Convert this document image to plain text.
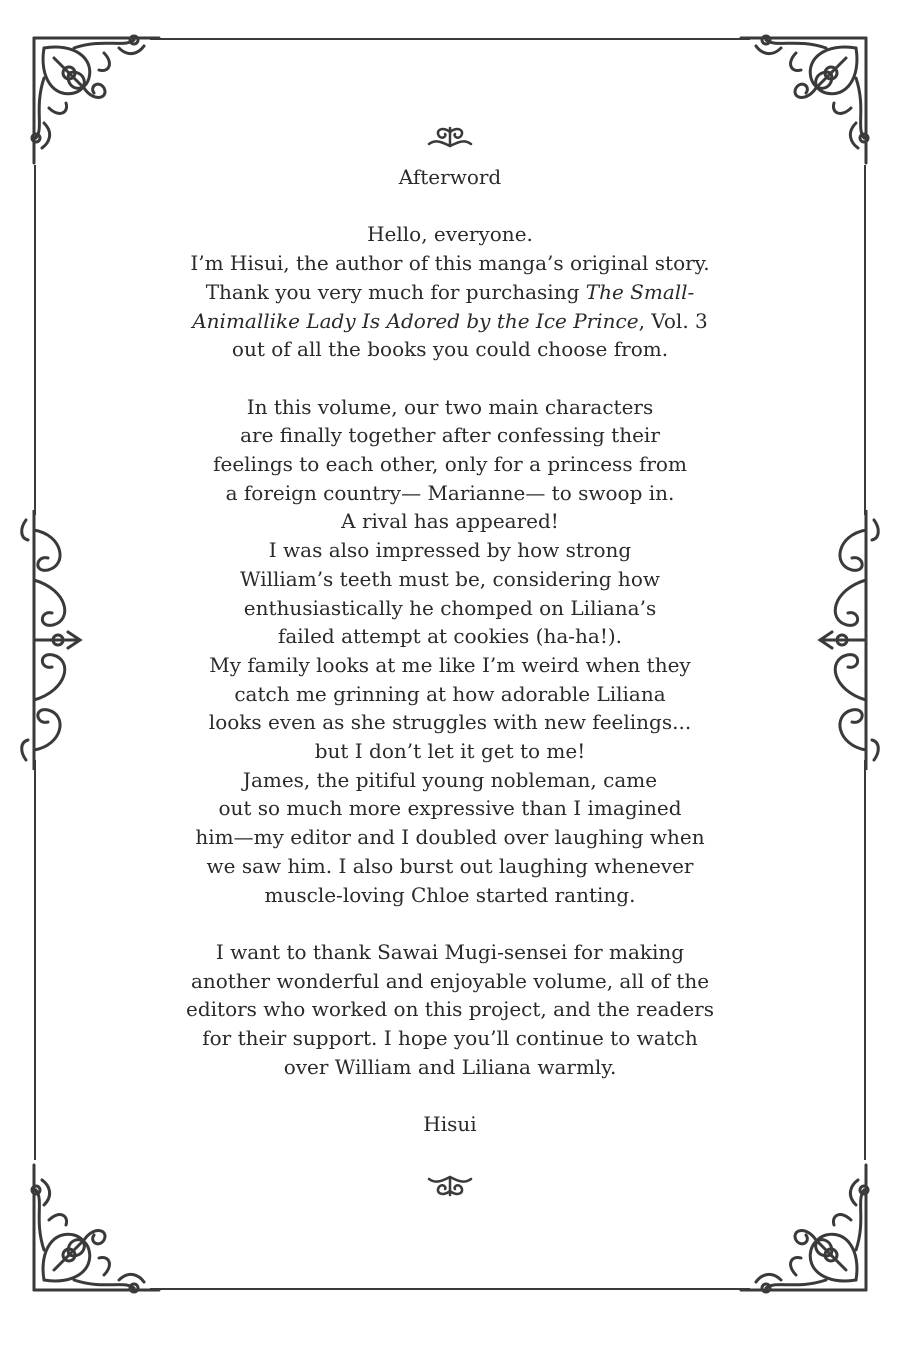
Afterword
Hello, everyone.
I’m Hisui, the author of this manga’s original story.
Thank you very much for purchasing The Small-
Animallike Lady Is Adored by the Ice Prince, Vol. 3
out of all the books you could choose from.
In this volume, our two main characters
are finally together after confessing their
feelings to each other, only for a princess from
a foreign country— Marianne— to swoop in.
A rival has appeared!
I was also impressed by how strong
William’s teeth must be, considering how
enthusiastically he chomped on Liliana’s
failed attempt at cookies (ha-ha!).
My family looks at me like I’m weird when they
catch me grinning at how adorable Liliana
looks even as she struggles with new feelings...
but I don’t let it get to me!
James, the pitiful young nobleman, came
out so much more expressive than I imagined
him—my editor and I doubled over laughing when
we saw him. I also burst out laughing whenever
muscle-loving Chloe started ranting.
I want to thank Sawai Mugi-sensei for making
another wonderful and enjoyable volume, all of the
editors who worked on this project, and the readers
for their support. I hope you’ll continue to watch
over William and Liliana warmly.
Hisui
